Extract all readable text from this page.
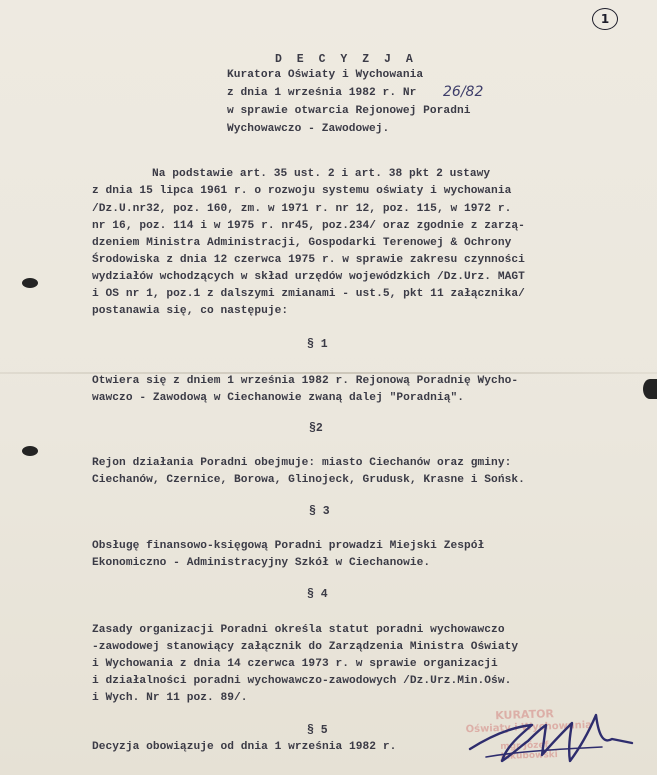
1
D E C Y Z J A
Kuratora Oświaty i Wychowania
z dnia 1 września 1982 r. Nr 26/82
w sprawie otwarcia Rejonowej Poradni
Wychowawczo - Zawodowej.
Na podstawie art. 35 ust. 2 i art. 38 pkt 2 ustawy
z dnia 15 lipca 1961 r. o rozwoju systemu oświaty i wychowania
/Dz.U.nr32, poz. 160, zm. w 1971 r. nr 12, poz. 115, w 1972 r.
nr 16, poz. 114 i w 1975 r. nr45, poz.234/ oraz zgodnie z zarzą-
dzeniem Ministra Administracji, Gospodarki Terenowej & Ochrony
Środowiska z dnia 12 czerwca 1975 r. w sprawie zakresu czynności
wydziałów wchodzących w skład urzędów wojewódzkich /Dz.Urz. MAGT
i OS nr 1, poz.1 z dalszymi zmianami - ust.5, pkt 11 załącznika/
postanawia się, co następuje:
§ 1
Otwiera się z dniem 1 września 1982 r. Rejonową Poradnię Wycho-
wawczo - Zawodową w Ciechanowie zwaną dalej "Poradnią".
§2
Rejon działania Poradni obejmuje: miasto Ciechanów oraz gminy:
Ciechanów, Czernice, Borowa, Glinojeck, Grudusk, Krasne i Sońsk.
§ 3
Obsługę finansowo-księgową Poradni prowadzi Miejski Zespół
Ekonomiczno - Administracyjny Szkół w Ciechanowie.
§ 4
Zasady organizacji Poradni określa statut poradni wychowawczo
-zawodowej stanowiący załącznik do Zarządzenia Ministra Oświaty
i Wychowania z dnia 14 czerwca 1973 r. w sprawie organizacji
i działalności poradni wychowawczo-zawodowych /Dz.Urz.Min.Ośw.
i Wych. Nr 11 poz. 89/.
§ 5
Decyzja obowiązuje od dnia 1 września 1982 r.
KURATOR
Oświaty i Wychowania
mgr Józef Jakubowski
